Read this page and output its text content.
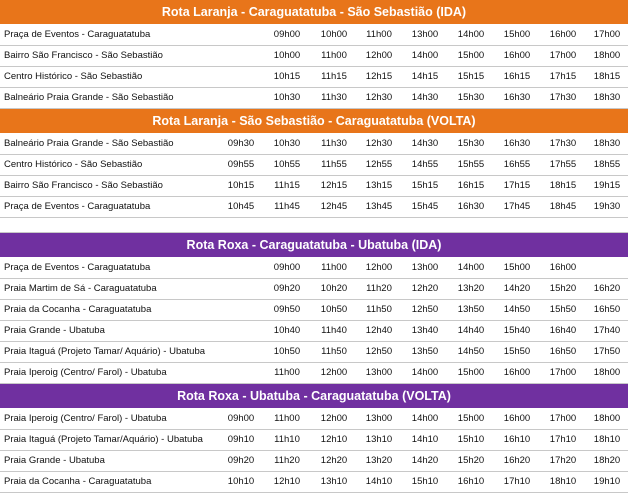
Rota Laranja - Caraguatatuba - São Sebastião (IDA)
Praça de Eventos - Caraguatatuba	09h00	10h00	11h00	13h00	14h00	15h00	16h00	17h00
Bairro São Francisco - São Sebastião	10h00	11h00	12h00	14h00	15h00	16h00	17h00	18h00
Centro Histórico - São Sebastião	10h15	11h15	12h15	14h15	15h15	16h15	17h15	18h15
Balneário Praia Grande - São Sebastião	10h30	11h30	12h30	14h30	15h30	16h30	17h30	18h30
Rota Laranja - São Sebastião - Caraguatatuba (VOLTA)
Balneário Praia Grande - São Sebastião	09h30	10h30	11h30	12h30	14h30	15h30	16h30	17h30	18h30
Centro Histórico - São Sebastião	09h55	10h55	11h55	12h55	14h55	15h55	16h55	17h55	18h55
Bairro São Francisco - São Sebastião	10h15	11h15	12h15	13h15	15h15	16h15	17h15	18h15	19h15
Praça de Eventos - Caraguatatuba	10h45	11h45	12h45	13h45	15h45	16h30	17h45	18h45	19h30
Rota Roxa - Caraguatatuba - Ubatuba (IDA)
Praça de Eventos - Caraguatatuba	09h00	11h00	12h00	13h00	14h00	15h00	16h00
Praia Martim de Sá - Caraguatatuba	09h20	10h20	11h20	12h20	13h20	14h20	15h20	16h20
Praia da Cocanha - Caraguatatuba	09h50	10h50	11h50	12h50	13h50	14h50	15h50	16h50
Praia Grande - Ubatuba	10h40	11h40	12h40	13h40	14h40	15h40	16h40	17h40
Praia Itaguá (Projeto Tamar/ Aquário) - Ubatuba	10h50	11h50	12h50	13h50	14h50	15h50	16h50	17h50
Praia Iperoig (Centro/ Farol) - Ubatuba	11h00	12h00	13h00	14h00	15h00	16h00	17h00	18h00
Rota Roxa - Ubatuba - Caraguatatuba (VOLTA)
Praia Iperoig (Centro/ Farol) - Ubatuba	09h00	11h00	12h00	13h00	14h00	15h00	16h00	17h00	18h00
Praia Itaguá (Projeto Tamar/Aquário) - Ubatuba	09h10	11h10	12h10	13h10	14h10	15h10	16h10	17h10	18h10
Praia Grande - Ubatuba	09h20	11h20	12h20	13h20	14h20	15h20	16h20	17h20	18h20
Praia da Cocanha - Caraguatatuba	10h10	12h10	13h10	14h10	15h10	16h10	17h10	18h10	19h10
